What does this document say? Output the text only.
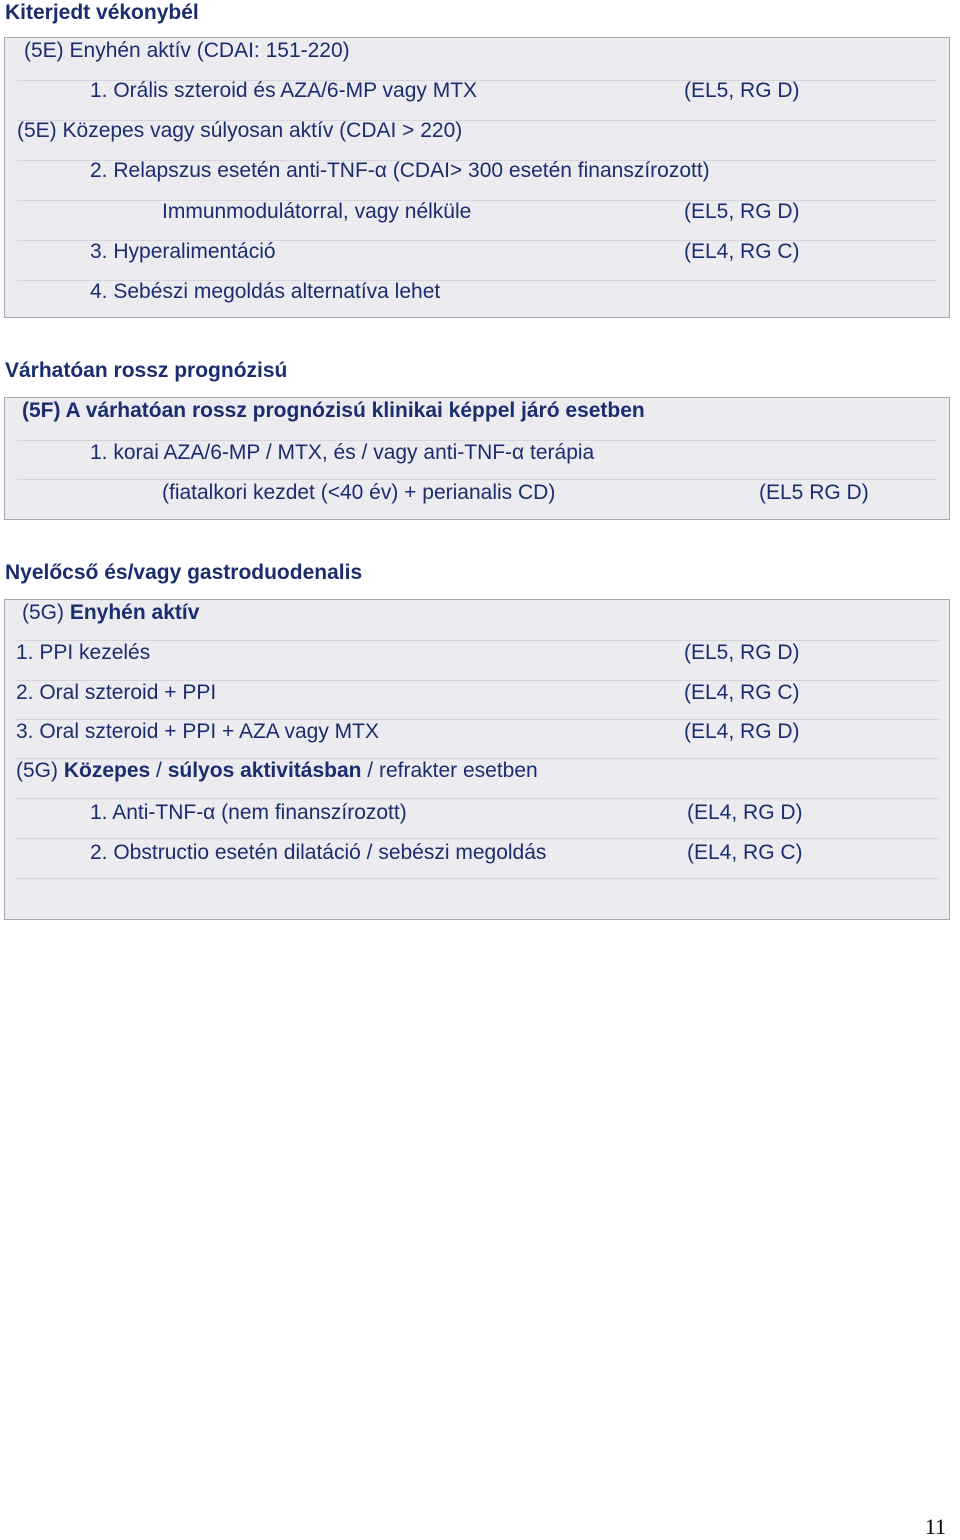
Kiterjedt vékonybél
(5E) Enyhén aktív (CDAI: 151-220)
1. Orális szteroid és AZA/6-MP vagy MTX	(EL5, RG D)
(5E) Közepes vagy súlyosan aktív (CDAI > 220)
2. Relapszus esetén anti-TNF-α (CDAI> 300 esetén finanszírozott)
Immunmodulátorral, vagy nélküle	(EL5, RG D)
3. Hyperalimentáció	(EL4, RG C)
4. Sebészi megoldás alternatíva lehet
Várhatóan rossz prognózisú
(5F) A várhatóan rossz prognózisú klinikai képpel járó esetben
1. korai AZA/6-MP / MTX, és / vagy anti-TNF-α terápia
(fiatalkori kezdet (<40 év) + perianalis CD)	(EL5 RG D)
Nyelőcső és/vagy gastroduodenalis
(5G) Enyhén aktív
1. PPI kezelés	(EL5, RG D)
2. Oral szteroid + PPI	(EL4, RG C)
3. Oral szteroid + PPI + AZA vagy MTX	(EL4, RG D)
(5G) Közepes / súlyos aktivitásban / refrakter esetben
1. Anti-TNF-α (nem finanszírozott)	(EL4, RG D)
2. Obstructio esetén dilatáció / sebészi megoldás	(EL4, RG C)
11
